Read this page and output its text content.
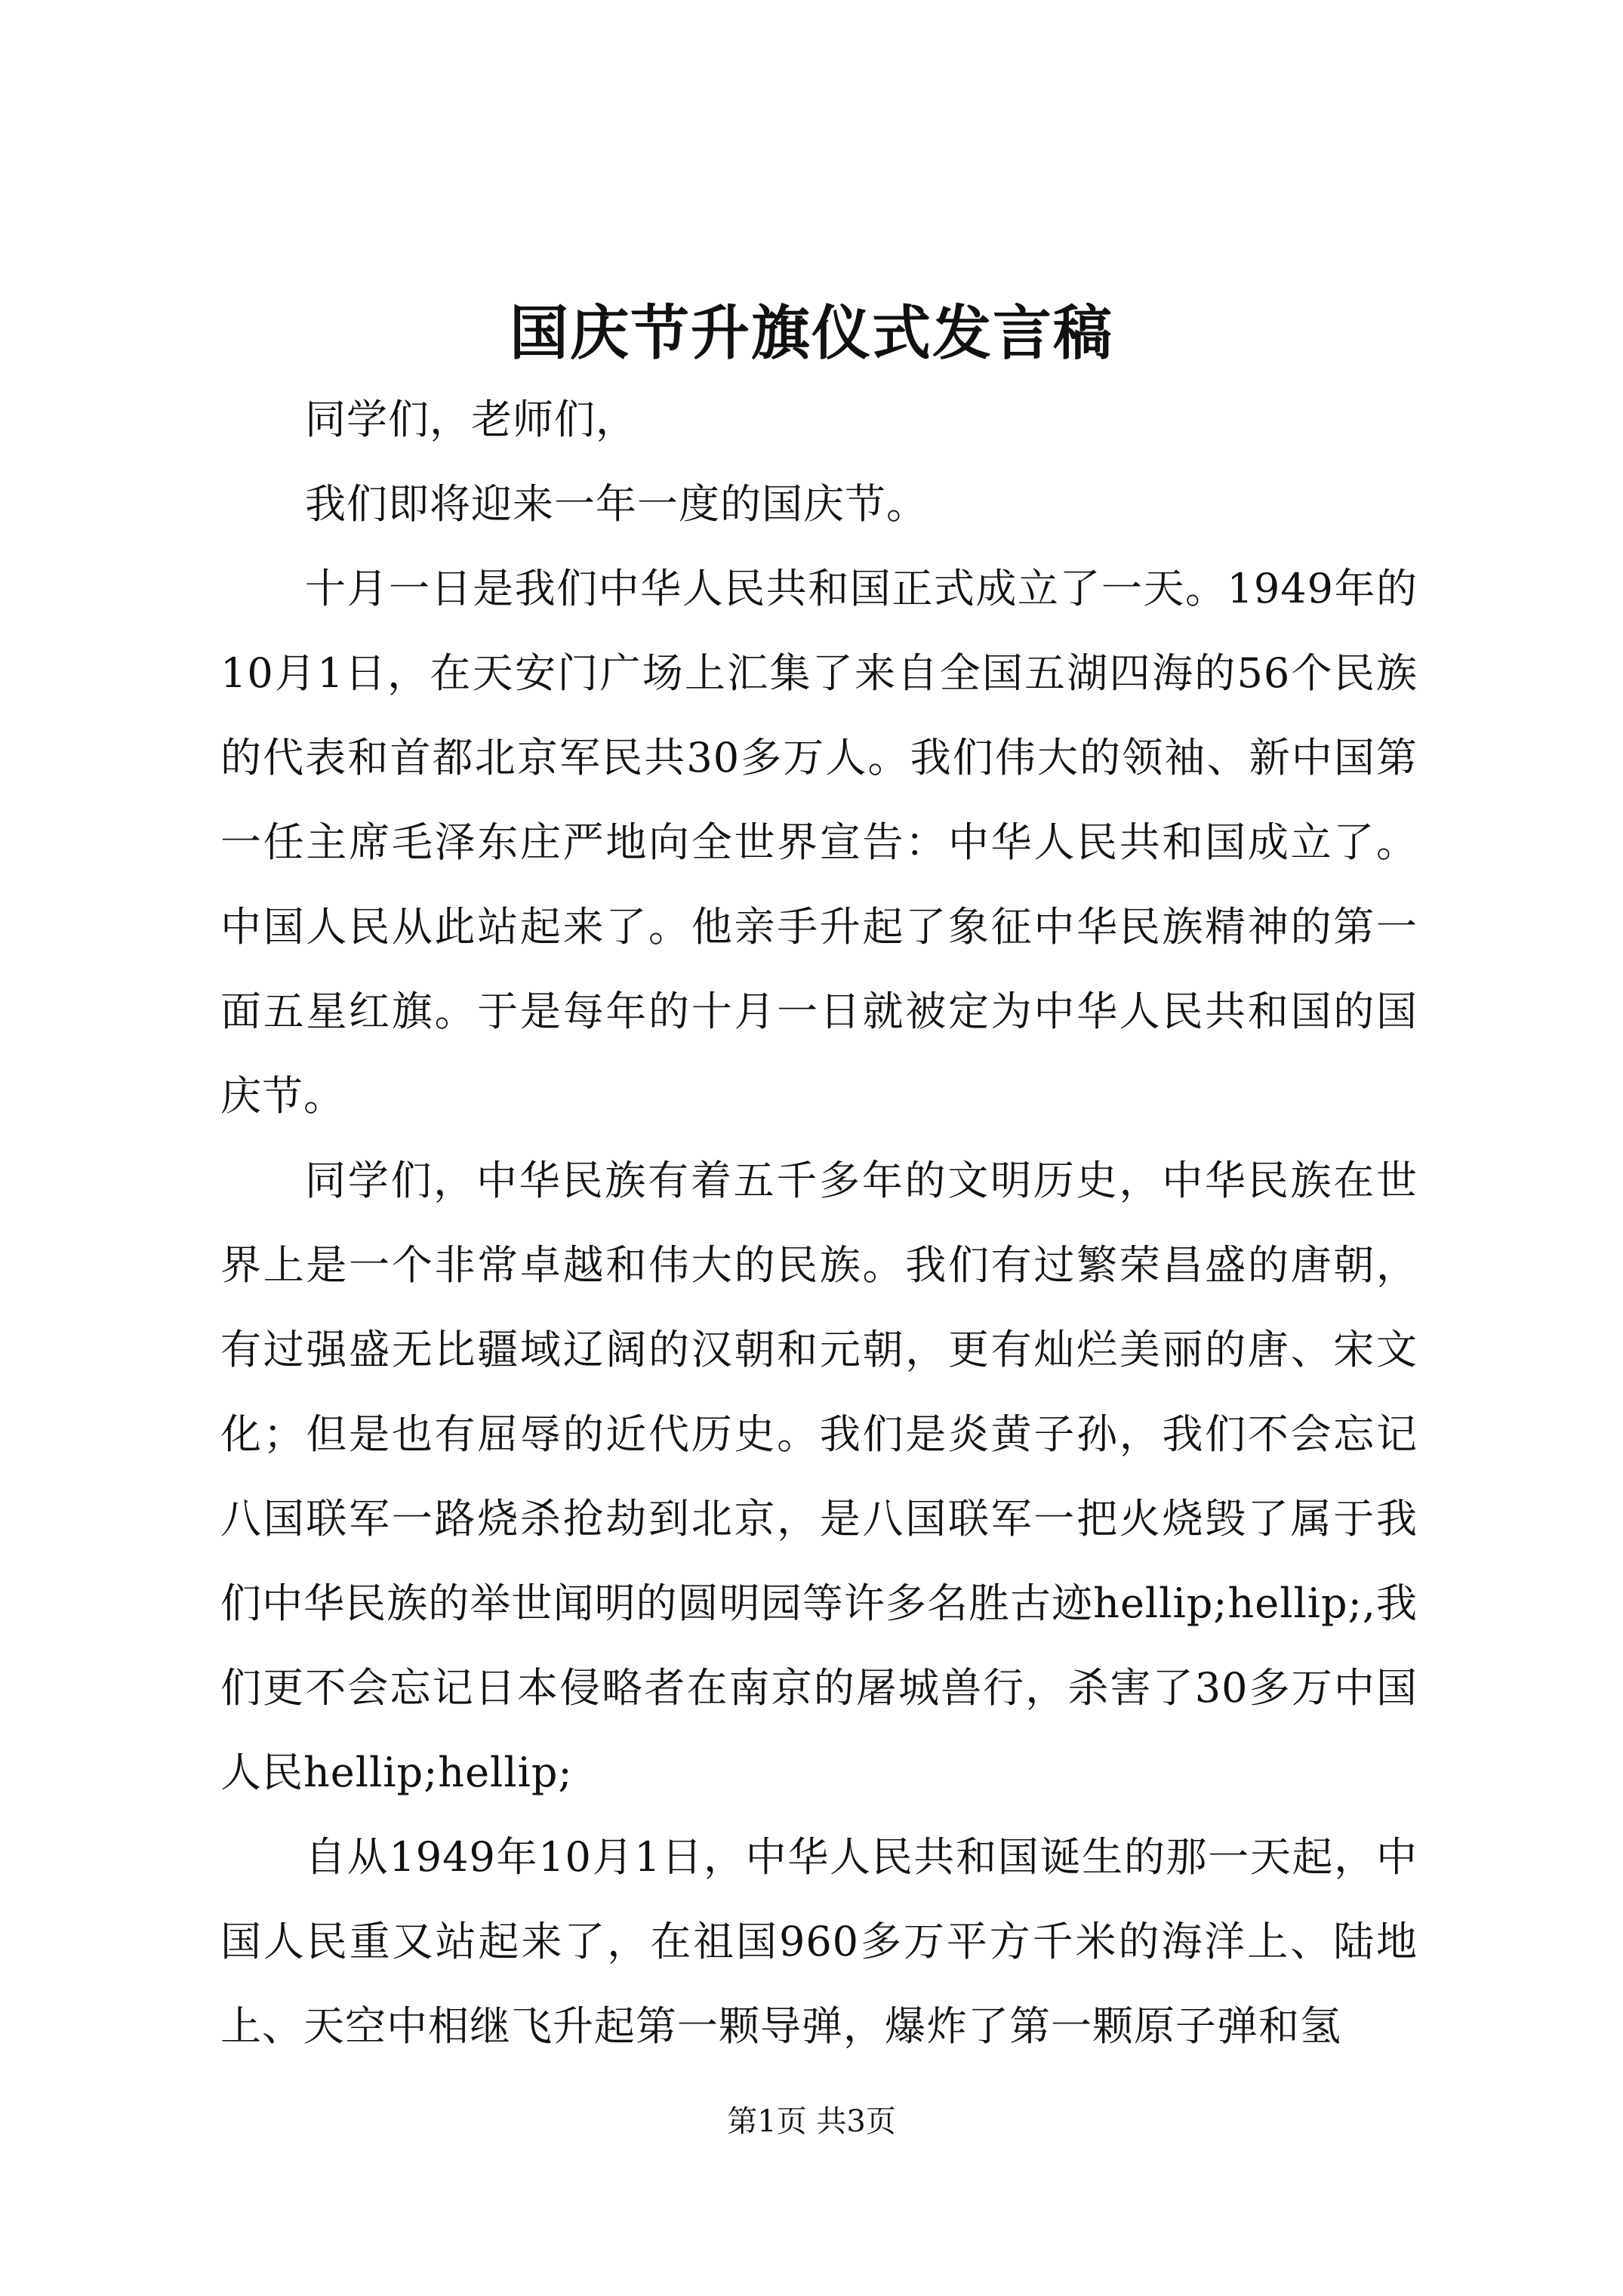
国庆节升旗仪式发言稿

同学们，老师们，

我们即将迎来一年一度的国庆节。

十月一日是我们中华人民共和国正式成立了一天。1949年的10月1日，在天安门广场上汇集了来自全国五湖四海的56个民族的代表和首都北京军民共30多万人。我们伟大的领袖、新中国第一任主席毛泽东庄严地向全世界宣告：中华人民共和国成立了。中国人民从此站起来了。他亲手升起了象征中华民族精神的第一面五星红旗。于是每年的十月一日就被定为中华人民共和国的国庆节。

同学们，中华民族有着五千多年的文明历史，中华民族在世界上是一个非常卓越和伟大的民族。我们有过繁荣昌盛的唐朝，有过强盛无比疆域辽阔的汉朝和元朝，更有灿烂美丽的唐、宋文化；但是也有屈辱的近代历史。我们是炎黄子孙，我们不会忘记八国联军一路烧杀抢劫到北京，是八国联军一把火烧毁了属于我们中华民族的举世闻明的圆明园等许多名胜古迹hellip;hellip;,我们更不会忘记日本侵略者在南京的屠城兽行，杀害了30多万中国人民hellip;hellip;

自从1949年10月1日，中华人民共和国诞生的那一天起，中国人民重又站起来了，在祖国960多万平方千米的海洋上、陆地上、天空中相继飞升起第一颗导弹，爆炸了第一颗原子弹和氢

第1页 共3页
